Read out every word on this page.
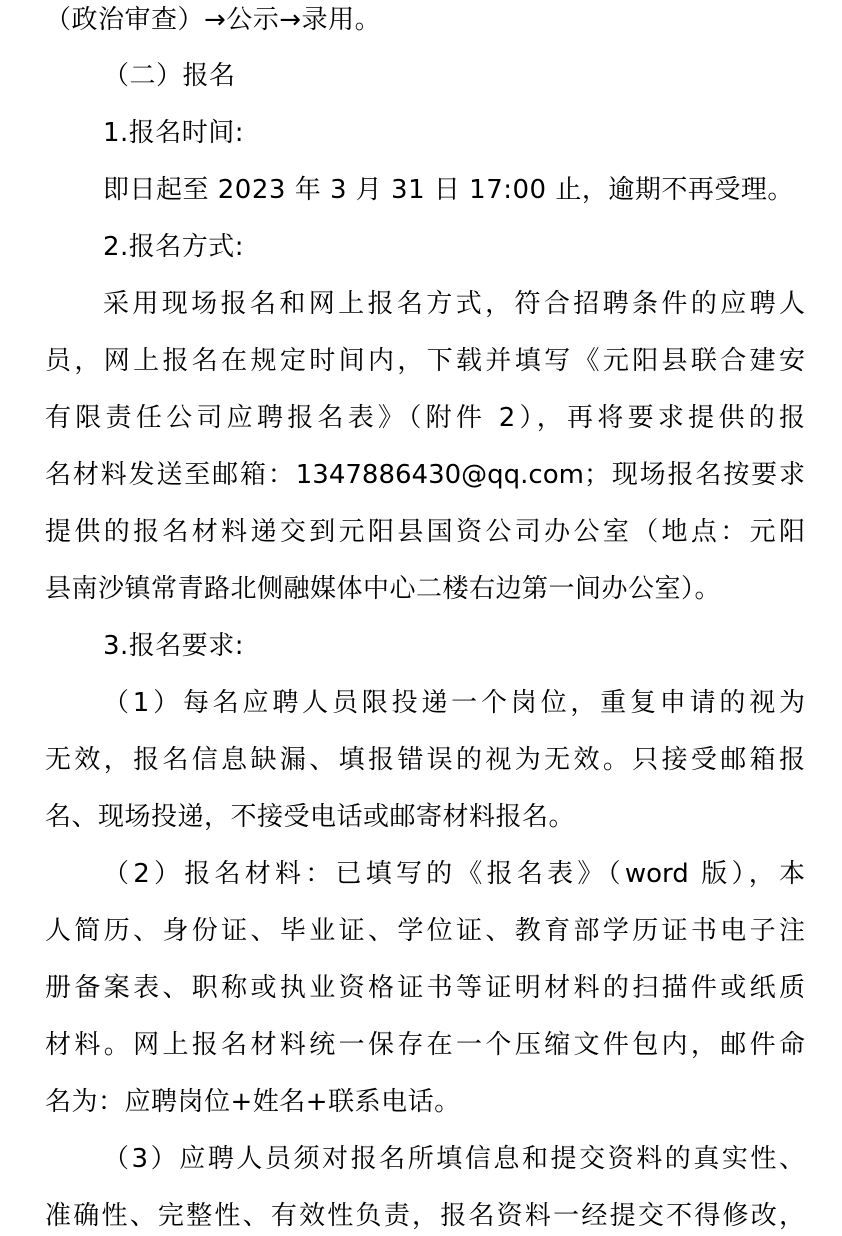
（政治审查）→公示→录用。
（二）报名
1.报名时间:
即日起至 2023 年 3 月 31 日 17:00 止，逾期不再受理。
2.报名方式:
采用现场报名和网上报名方式，符合招聘条件的应聘人
员，网上报名在规定时间内，下载并填写《元阳县联合建安
有限责任公司应聘报名表》（附件 2），再将要求提供的报
名材料发送至邮箱：1347886430@qq.com；现场报名按要求
提供的报名材料递交到元阳县国资公司办公室（地点：元阳
县南沙镇常青路北侧融媒体中心二楼右边第一间办公室）。
3.报名要求:
（1）每名应聘人员限投递一个岗位，重复申请的视为
无效，报名信息缺漏、填报错误的视为无效。只接受邮箱报
名、现场投递，不接受电话或邮寄材料报名。
（2）报名材料：已填写的《报名表》（word 版），本
人简历、身份证、毕业证、学位证、教育部学历证书电子注
册备案表、职称或执业资格证书等证明材料的扫描件或纸质
材料。网上报名材料统一保存在一个压缩文件包内，邮件命
名为：应聘岗位+姓名+联系电话。
（3）应聘人员须对报名所填信息和提交资料的真实性、
准确性、完整性、有效性负责，报名资料一经提交不得修改，
